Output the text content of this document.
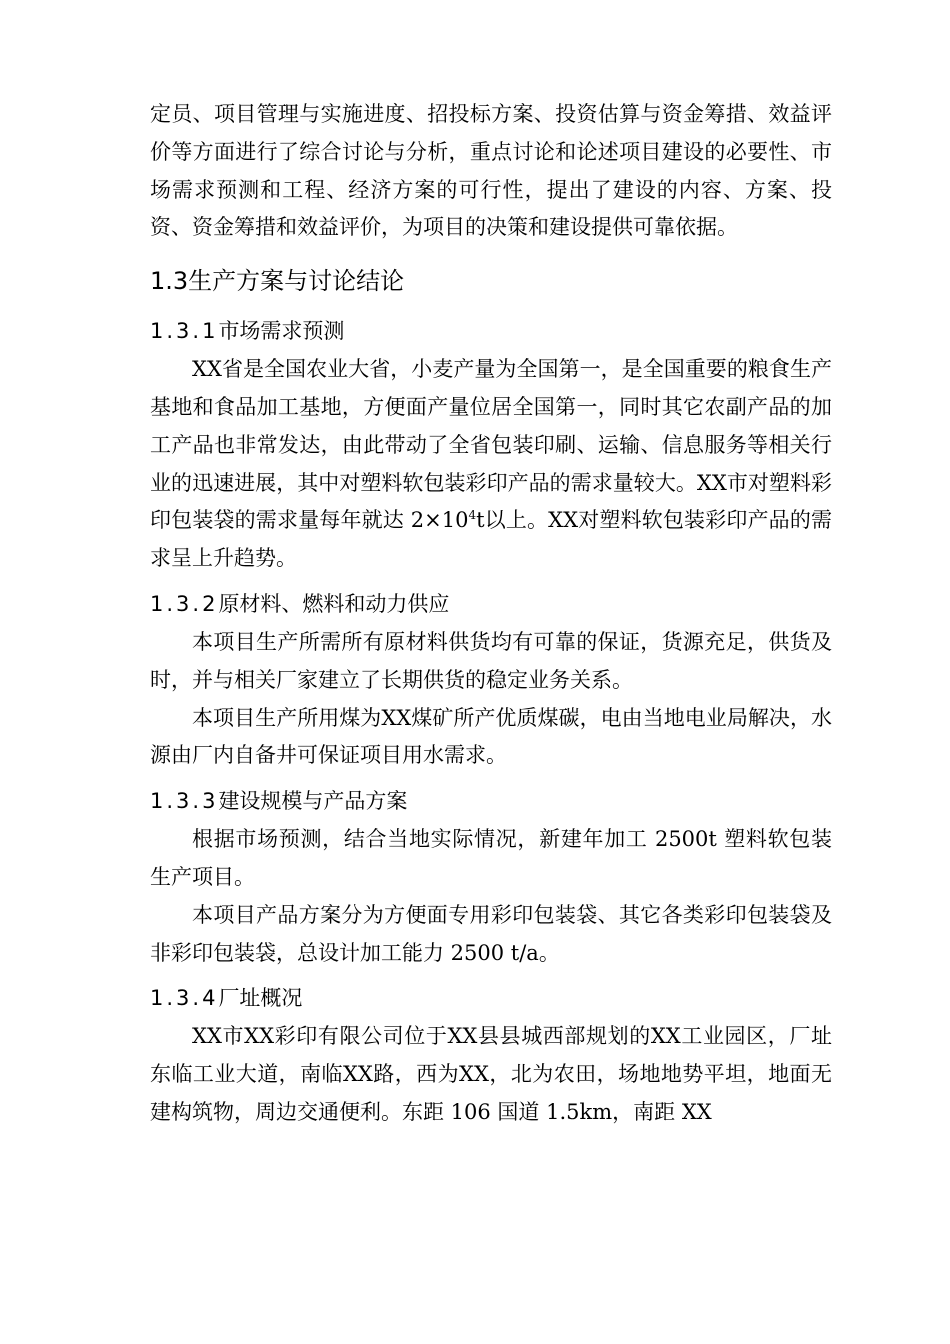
定员、项目管理与实施进度、招投标方案、投资估算与资金筹措、效益评价等方面进行了综合讨论与分析，重点讨论和论述项目建设的必要性、市场需求预测和工程、经济方案的可行性，提出了建设的内容、方案、投资、资金筹措和效益评价，为项目的决策和建设提供可靠依据。

1.3生产方案与讨论结论
1.3.1市场需求预测

XX省是全国农业大省，小麦产量为全国第一，是全国重要的粮食生产基地和食品加工基地，方便面产量位居全国第一，同时其它农副产品的加工产品也非常发达，由此带动了全省包装印刷、运输、信息服务等相关行业的迅速进展，其中对塑料软包装彩印产品的需求量较大。XX市对塑料彩印包装袋的需求量每年就达 $2\times 10^4t$以上。XX对塑料软包装彩印产品的需求呈上升趋势。

1.3.2原材料、燃料和动力供应

本项目生产所需所有原材料供货均有可靠的保证，货源充足，供货及时，并与相关厂家建立了长期供货的稳定业务关系。

本项目生产所用煤为XX煤矿所产优质煤碳，电由当地电业局解决，水源由厂内自备井可保证项目用水需求。

1.3.3建设规模与产品方案

根据市场预测，结合当地实际情况，新建年加工 2500t 塑料软包装生产项目。

本项目产品方案分为方便面专用彩印包装袋、其它各类彩印包装袋及非彩印包装袋，总设计加工能力 2500 t/a。

1.3.4厂址概况

XX市XX彩印有限公司位于XX县县城西部规划的XX工业园区，厂址东临工业大道，南临XX路，西为XX，北为农田，场地地势平坦，地面无建构筑物，周边交通便利。东距 106 国道 1.5km，南距 XX
